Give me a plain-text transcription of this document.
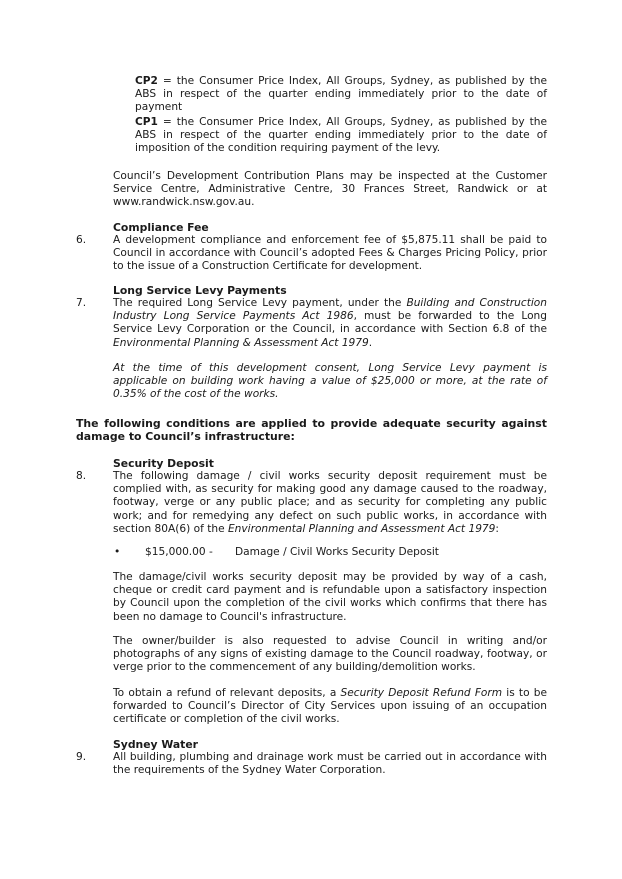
CP2 = the Consumer Price Index, All Groups, Sydney, as published by the ABS in respect of the quarter ending immediately prior to the date of payment
CP1 = the Consumer Price Index, All Groups, Sydney, as published by the ABS in respect of the quarter ending immediately prior to the date of imposition of the condition requiring payment of the levy.
Council’s Development Contribution Plans may be inspected at the Customer Service Centre, Administrative Centre, 30 Frances Street, Randwick or at www.randwick.nsw.gov.au.
Compliance Fee
6.	A development compliance and enforcement fee of $5,875.11 shall be paid to Council in accordance with Council’s adopted Fees & Charges Pricing Policy, prior to the issue of a Construction Certificate for development.
Long Service Levy Payments
7.	The required Long Service Levy payment, under the Building and Construction Industry Long Service Payments Act 1986, must be forwarded to the Long Service Levy Corporation or the Council, in accordance with Section 6.8 of the Environmental Planning & Assessment Act 1979.
At the time of this development consent, Long Service Levy payment is applicable on building work having a value of $25,000 or more, at the rate of 0.35% of the cost of the works.
The following conditions are applied to provide adequate security against damage to Council’s infrastructure:
Security Deposit
8.	The following damage / civil works security deposit requirement must be complied with, as security for making good any damage caused to the roadway, footway, verge or any public place; and as security for completing any public work; and for remedying any defect on such public works, in accordance with section 80A(6) of the Environmental Planning and Assessment Act 1979:
• $15,000.00 - Damage / Civil Works Security Deposit
The damage/civil works security deposit may be provided by way of a cash, cheque or credit card payment and is refundable upon a satisfactory inspection by Council upon the completion of the civil works which confirms that there has been no damage to Council's infrastructure.
The owner/builder is also requested to advise Council in writing and/or photographs of any signs of existing damage to the Council roadway, footway, or verge prior to the commencement of any building/demolition works.
To obtain a refund of relevant deposits, a Security Deposit Refund Form is to be forwarded to Council’s Director of City Services upon issuing of an occupation certificate or completion of the civil works.
Sydney Water
9.	All building, plumbing and drainage work must be carried out in accordance with the requirements of the Sydney Water Corporation.
